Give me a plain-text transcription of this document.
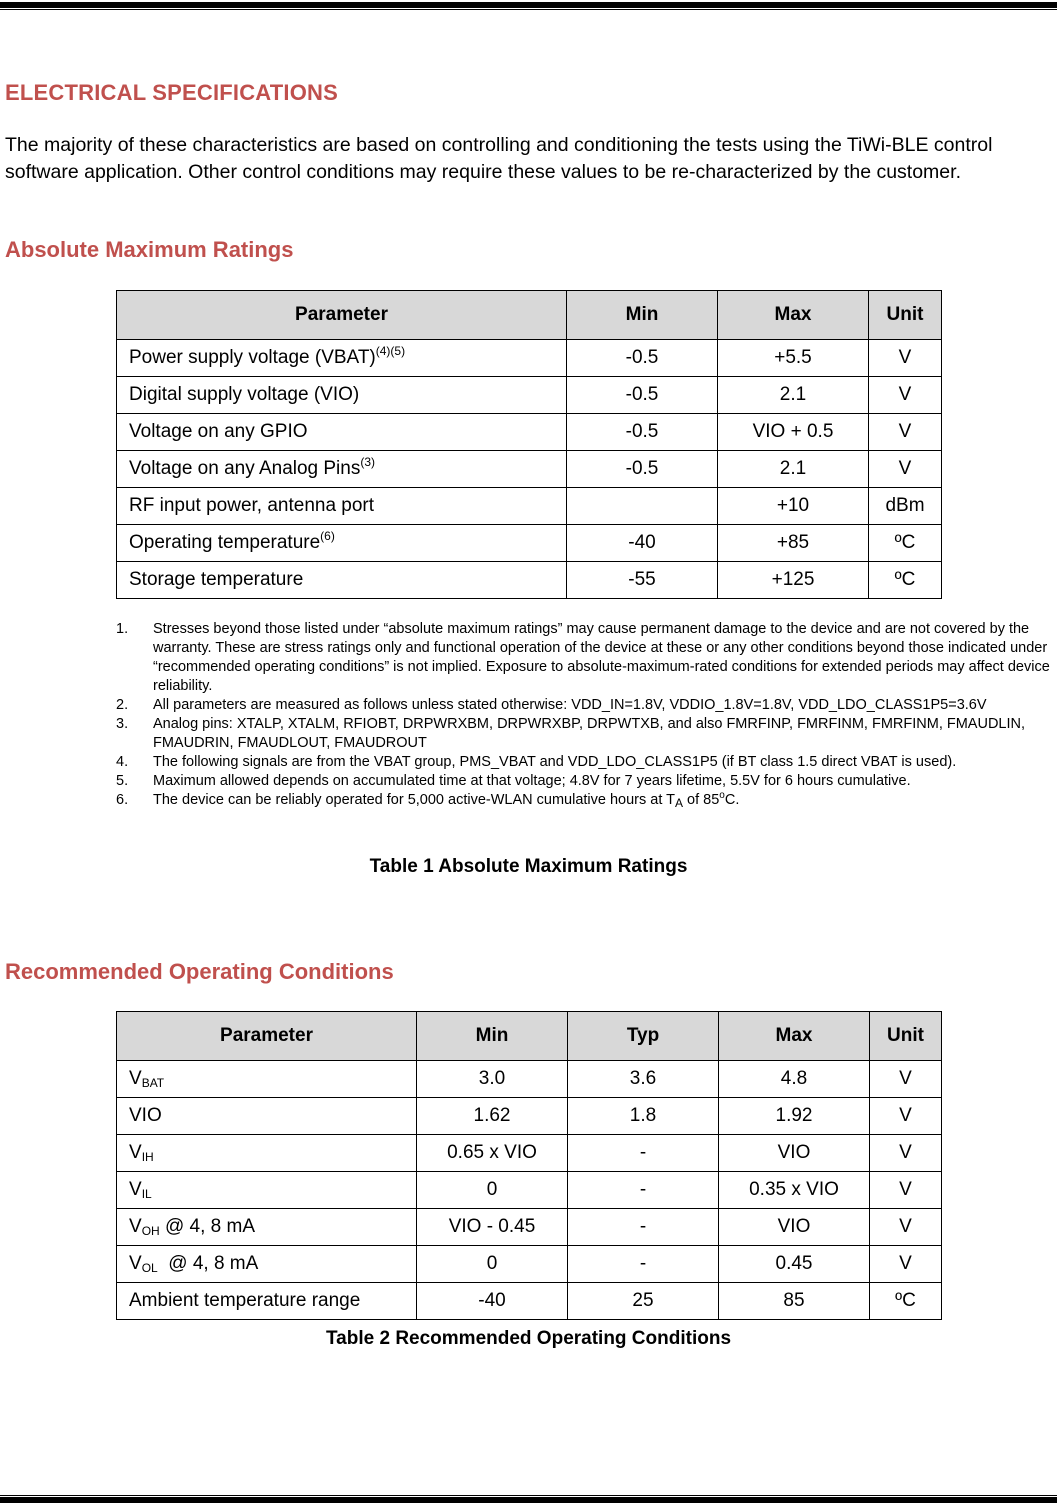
ELECTRICAL SPECIFICATIONS
The majority of these characteristics are based on controlling and conditioning the tests using the TiWi-BLE control software application. Other control conditions may require these values to be re-characterized by the customer.
Absolute Maximum Ratings
Parameter	Min	Max	Unit
Power supply voltage (VBAT)$^{(4)(5)}$	-0.5	+5.5	V
Digital supply voltage (VIO)	-0.5	2.1	V
Voltage on any GPIO	-0.5	VIO + 0.5	V
Voltage on any Analog Pins$^{(3)}$	-0.5	2.1	V
RF input power, antenna port		+10	dBm
Operating temperature$^{(6)}$	-40	+85	ºC
Storage temperature	-55	+125	ºC
1. Stresses beyond those listed under “absolute maximum ratings” may cause permanent damage to the device and are not covered by the warranty. These are stress ratings only and functional operation of the device at these or any other conditions beyond those indicated under “recommended operating conditions” is not implied. Exposure to absolute-maximum-rated conditions for extended periods may affect device reliability.
2. All parameters are measured as follows unless stated otherwise: VDD_IN=1.8V, VDDIO_1.8V=1.8V, VDD_LDO_CLASS1P5=3.6V
3. Analog pins: XTALP, XTALM, RFIOBT, DRPWRXBM, DRPWRXBP, DRPWTXB, and also FMRFINP, FMRFINM, FMRFINM, FMAUDLIN, FMAUDRIN, FMAUDLOUT, FMAUDROUT
4. The following signals are from the VBAT group, PMS_VBAT and VDD_LDO_CLASS1P5 (if BT class 1.5 direct VBAT is used).
5. Maximum allowed depends on accumulated time at that voltage; 4.8V for 7 years lifetime, 5.5V for 6 hours cumulative.
6. The device can be reliably operated for 5,000 active-WLAN cumulative hours at $T_A$ of 85$^o$C.
Table 1 Absolute Maximum Ratings
Recommended Operating Conditions
Parameter	Min	Typ	Max	Unit
$V_{BAT}$	3.0	3.6	4.8	V
VIO	1.62	1.8	1.92	V
$V_{IH}$	0.65 x VIO	-	VIO	V
$V_{IL}$	0	-	0.35 x VIO	V
$V_{OH}$ @ 4, 8 mA	VIO - 0.45	-	VIO	V
$V_{OL}$  @ 4, 8 mA	0	-	0.45	V
Ambient temperature range	-40	25	85	ºC
Table 2 Recommended Operating Conditions
